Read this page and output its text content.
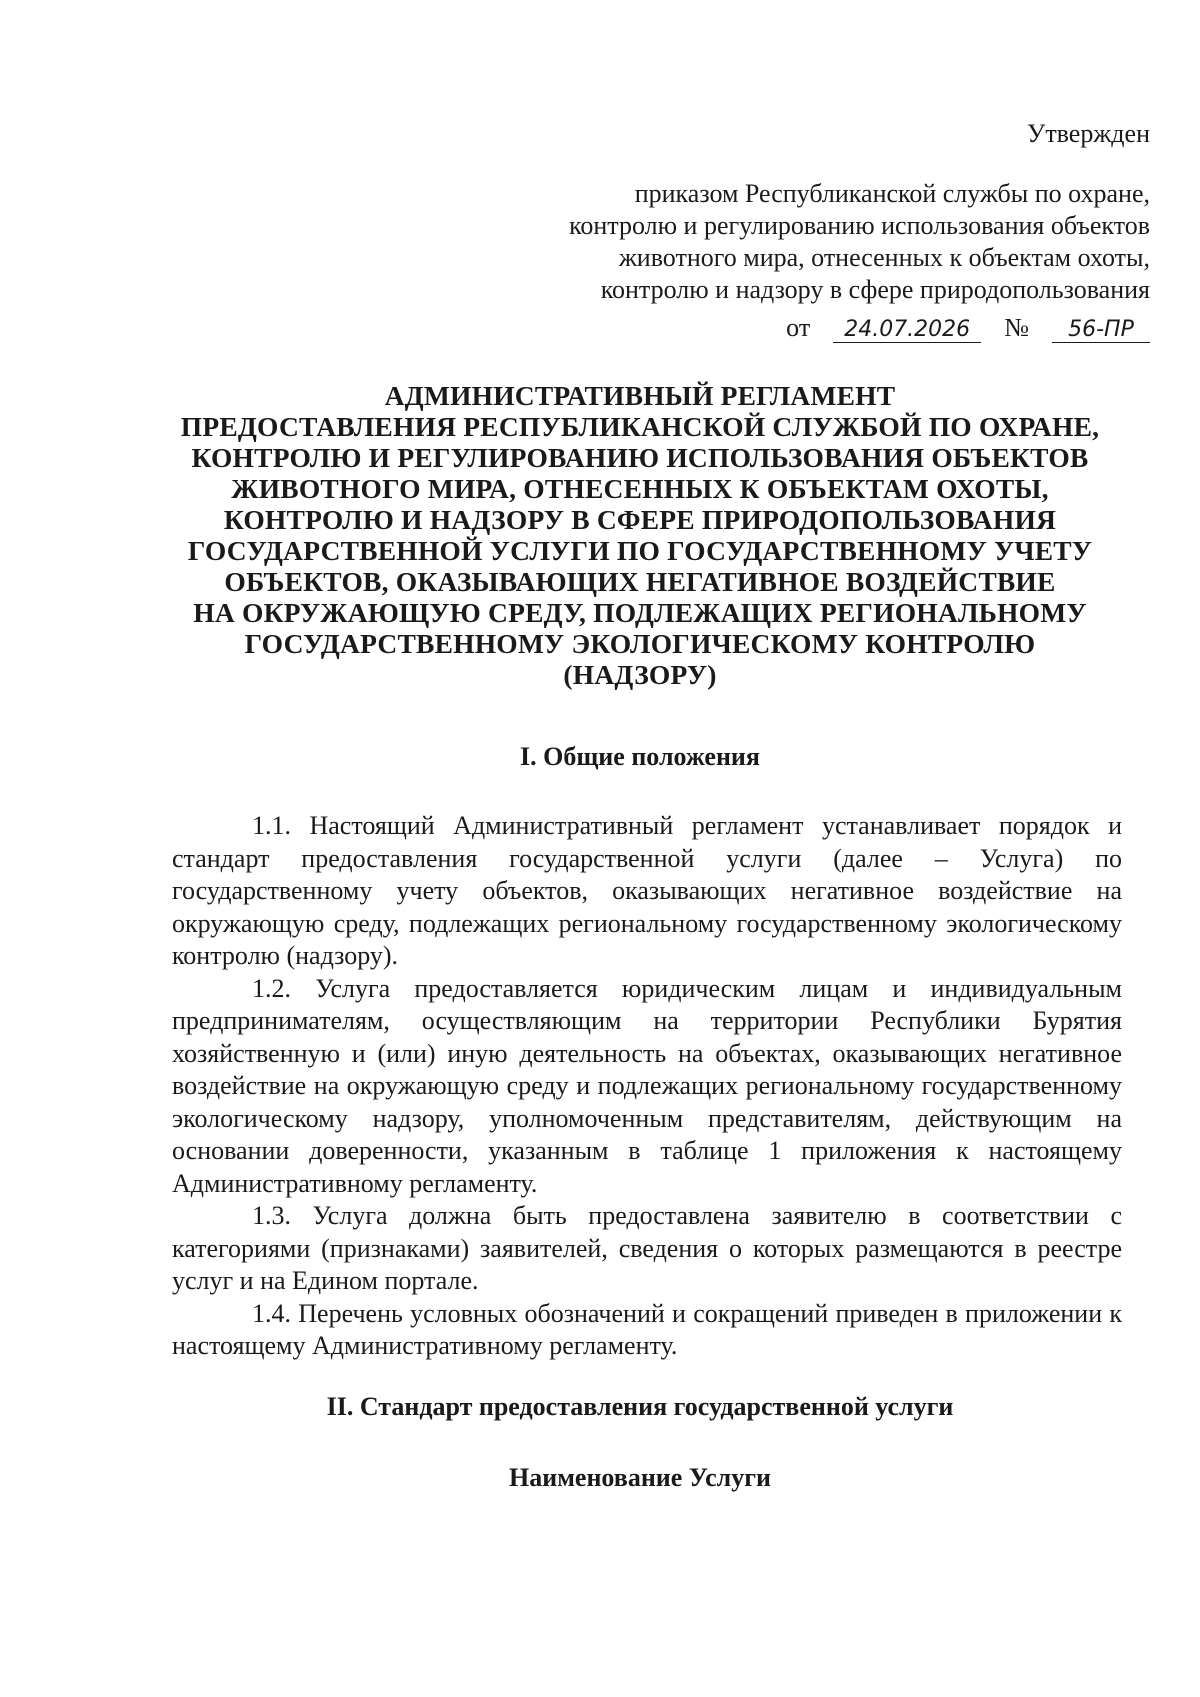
Утвержден
приказом Республиканской службы по охране,
контролю и регулированию использования объектов
животного мира, отнесенных к объектам охоты,
контролю и надзору в сфере природопользования
от 24.07.2026 № 56-ПР
АДМИНИСТРАТИВНЫЙ РЕГЛАМЕНТ
ПРЕДОСТАВЛЕНИЯ РЕСПУБЛИКАНСКОЙ СЛУЖБОЙ ПО ОХРАНЕ,
КОНТРОЛЮ И РЕГУЛИРОВАНИЮ ИСПОЛЬЗОВАНИЯ ОБЪЕКТОВ
ЖИВОТНОГО МИРА, ОТНЕСЕННЫХ К ОБЪЕКТАМ ОХОТЫ,
КОНТРОЛЮ И НАДЗОРУ В СФЕРЕ ПРИРОДОПОЛЬЗОВАНИЯ
ГОСУДАРСТВЕННОЙ УСЛУГИ ПО ГОСУДАРСТВЕННОМУ УЧЕТУ
ОБЪЕКТОВ, ОКАЗЫВАЮЩИХ НЕГАТИВНОЕ ВОЗДЕЙСТВИЕ
НА ОКРУЖАЮЩУЮ СРЕДУ, ПОДЛЕЖАЩИХ РЕГИОНАЛЬНОМУ
ГОСУДАРСТВЕННОМУ ЭКОЛОГИЧЕСКОМУ КОНТРОЛЮ
(НАДЗОРУ)
I. Общие положения

1.1. Настоящий Административный регламент устанавливает порядок и стандарт предоставления государственной услуги (далее – Услуга) по государственному учету объектов, оказывающих негативное воздействие на окружающую среду, подлежащих региональному государственному экологическому контролю (надзору).

1.2. Услуга предоставляется юридическим лицам и индивидуальным предпринимателям, осуществляющим на территории Республики Бурятия хозяйственную и (или) иную деятельность на объектах, оказывающих негативное воздействие на окружающую среду и подлежащих региональному государственному экологическому надзору, уполномоченным представителям, действующим на основании доверенности, указанным в таблице 1 приложения к настоящему Административному регламенту.

1.3. Услуга должна быть предоставлена заявителю в соответствии с категориями (признаками) заявителей, сведения о которых размещаются в реестре услуг и на Едином портале.

1.4. Перечень условных обозначений и сокращений приведен в приложении к настоящему Административному регламенту.

II. Стандарт предоставления государственной услуги
Наименование Услуги
